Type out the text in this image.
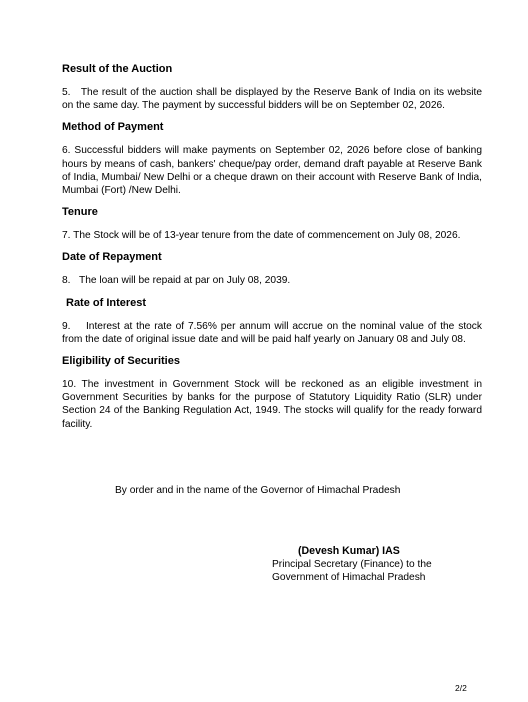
Result of the Auction

5.   The result of the auction shall be displayed by the Reserve Bank of India on its website on the same day. The payment by successful bidders will be on September 02, 2026.

Method of Payment

6. Successful bidders will make payments on September 02, 2026 before close of banking hours by means of cash, bankers' cheque/pay order, demand draft payable at Reserve Bank of India, Mumbai/ New Delhi or a cheque drawn on their account with Reserve Bank of India, Mumbai (Fort) /New Delhi.

Tenure

7. The Stock will be of 13-year tenure from the date of commencement on July 08, 2026.

Date of Repayment

8.   The loan will be repaid at par on July 08, 2039.

Rate of Interest

9.    Interest at the rate of 7.56% per annum will accrue on the nominal value of the stock from the date of original issue date and will be paid half yearly on January 08 and July 08.

Eligibility of Securities

10. The investment in Government Stock will be reckoned as an eligible investment in Government Securities by banks for the purpose of Statutory Liquidity Ratio (SLR) under Section 24 of the Banking Regulation Act, 1949. The stocks will qualify for the ready forward facility.

By order and in the name of the Governor of Himachal Pradesh
(Devesh Kumar) IAS
Principal Secretary (Finance) to the
Government of Himachal Pradesh
2/2
